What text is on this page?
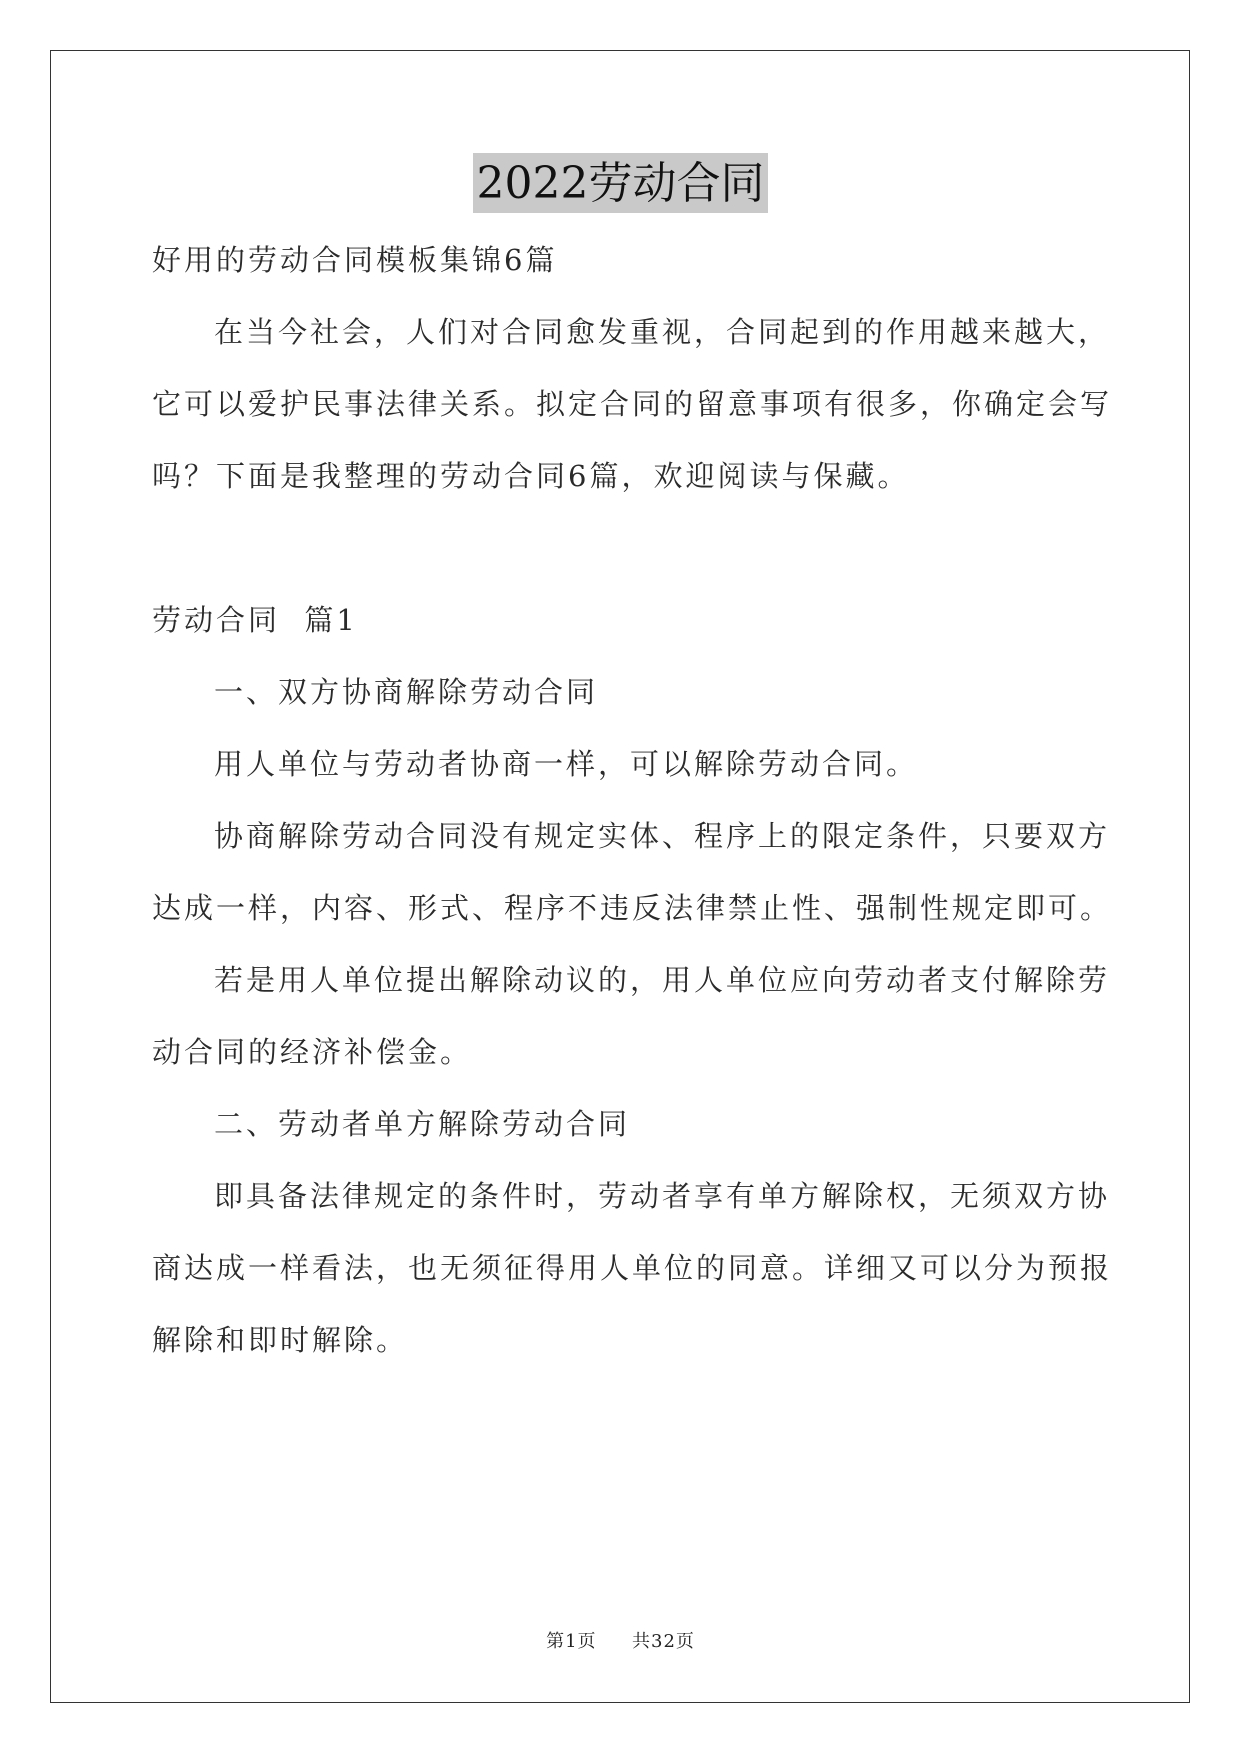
2022劳动合同
好用的劳动合同模板集锦6篇
在当今社会，人们对合同愈发重视，合同起到的作用越来越大，
它可以爱护民事法律关系。拟定合同的留意事项有很多，你确定会写
吗？下面是我整理的劳动合同6篇，欢迎阅读与保藏。
劳动合同  篇1
一、双方协商解除劳动合同
用人单位与劳动者协商一样，可以解除劳动合同。
协商解除劳动合同没有规定实体、程序上的限定条件，只要双方
达成一样，内容、形式、程序不违反法律禁止性、强制性规定即可。
若是用人单位提出解除动议的，用人单位应向劳动者支付解除劳
动合同的经济补偿金。
二、劳动者单方解除劳动合同
即具备法律规定的条件时，劳动者享有单方解除权，无须双方协
商达成一样看法，也无须征得用人单位的同意。详细又可以分为预报
解除和即时解除。
第1页 共32页
